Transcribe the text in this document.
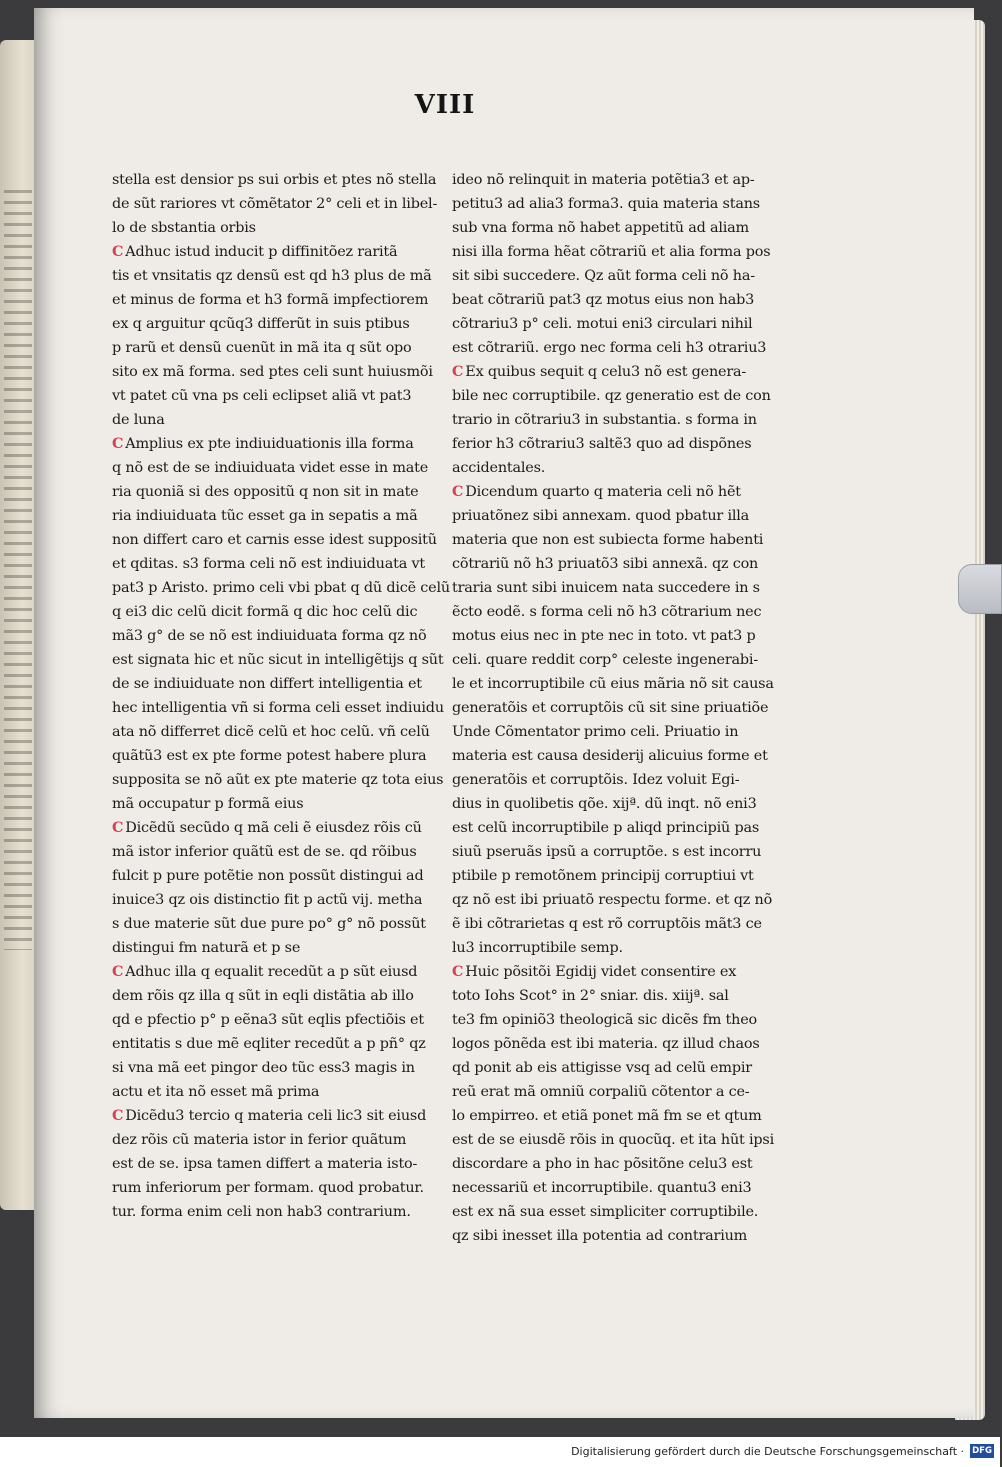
VIII
stella est densior ps sui orbis et ptes nõ stella
de sũt rariores vt cõmẽtator 2° celi et in libel-
lo de sbstantia orbis
C Adhuc istud inducit p diffinitõez raritã
tis et vnsitatis qz densũ est qd h3 plus de mã
et minus de forma et h3 formã impfectiorem
ex q arguitur qcũq3 differũt in suis ptibus
p rarũ et densũ cuenũt in mã ita q sũt opo
sito ex mã forma. sed ptes celi sunt huiusmõi
vt patet cũ vna ps celi eclipset aliã vt pat3
de luna
C Amplius ex pte indiuiduationis illa forma
q nõ est de se indiuiduata videt esse in mate
ria quoniã si des oppositũ q non sit in mate
ria indiuiduata tũc esset ga in sepatis a mã
non differt caro et carnis esse idest suppositũ
et qditas. s3 forma celi nõ est indiuiduata vt
pat3 p Aristo. primo celi vbi pbat q dũ dicẽ celũ
q ei3 dic celũ dicit formã q dic hoc celũ dic
mã3 g° de se nõ est indiuiduata forma qz nõ
est signata hic et nũc sicut in intelligẽtijs q sũt
de se indiuiduate non differt intelligentia et
hec intelligentia vñ si forma celi esset indiuidu
ata nõ differret dicẽ celũ et hoc celũ. vñ celũ
quãtũ3 est ex pte forme potest habere plura
supposita se nõ aũt ex pte materie qz tota eius
mã occupatur p formã eius
C Dicẽdũ secũdo q mã celi ẽ eiusdez rõis cũ
mã istor inferior quãtũ est de se. qd rõibus
fulcit p pure potẽtie non possũt distingui ad
inuice3 qz ois distinctio fit p actũ vij. metha
s due materie sũt due pure po° g° nõ possũt
distingui fm naturã et p se
C Adhuc illa q equalit recedũt a p sũt eiusd
dem rõis qz illa q sũt in eqli distãtia ab illo
qd e pfectio p° p eẽna3 sũt eqlis pfectiõis et
entitatis s due mẽ eqliter recedũt a p pñ° qz
si vna mã eet pingor deo tũc ess3 magis in
actu et ita nõ esset mã prima
C Dicẽdu3 tercio q materia celi lic3 sit eiusd
dez rõis cũ materia istor in ferior quãtum
est de se. ipsa tamen differt a materia isto-
rum inferiorum per formam. quod probatur.
tur. forma enim celi non hab3 contrarium.
ideo nõ relinquit in materia potẽtia3 et ap-
petitu3 ad alia3 forma3. quia materia stans
sub vna forma nõ habet appetitũ ad aliam
nisi illa forma hẽat cõtrariũ et alia forma pos
sit sibi succedere. Qz aũt forma celi nõ ha-
beat cõtrariũ pat3 qz motus eius non hab3
cõtrariu3 p° celi. motui eni3 circulari nihil
est cõtrariũ. ergo nec forma celi h3 otrariu3
C Ex quibus sequit q celu3 nõ est genera-
bile nec corruptibile. qz generatio est de con
trario in cõtrariu3 in substantia. s forma in
ferior h3 cõtrariu3 saltẽ3 quo ad dispõnes
accidentales.
C Dicendum quarto q materia celi nõ hẽt
priuatõnez sibi annexam. quod pbatur illa
materia que non est subiecta forme habenti
cõtrariũ nõ h3 priuatõ3 sibi annexã. qz con
traria sunt sibi inuicem nata succedere in s
ẽcto eodẽ. s forma celi nõ h3 cõtrarium nec
motus eius nec in pte nec in toto. vt pat3 p
celi. quare reddit corp° celeste ingenerabi-
le et incorruptibile cũ eius mãria nõ sit causa
generatõis et corruptõis cũ sit sine priuatiõe
Unde Cõmentator primo celi. Priuatio in
materia est causa desiderij alicuius forme et
generatõis et corruptõis. Idez voluit Egi-
dius in quolibetis qõe. xijª. dũ inqt. nõ eni3
est celũ incorruptibile p aliqd principiũ pas
siuũ pseruãs ipsũ a corruptõe. s est incorru
ptibile p remotõnem principij corruptiui vt
qz nõ est ibi priuatõ respectu forme. et qz nõ
ẽ ibi cõtrarietas q est rõ corruptõis mãt3 ce
lu3 incorruptibile semp.
C Huic põsitõi Egidij videt consentire ex
toto Iohs Scot° in 2° sniar. dis. xiijª. sal
te3 fm opiniõ3 theologicã sic dicẽs fm theo
logos põnẽda est ibi materia. qz illud chaos
qd ponit ab eis attigisse vsq ad celũ empir
reũ erat mã omniũ corpaliũ cõtentor a ce-
lo empirreo. et etiã ponet mã fm se et qtum
est de se eiusdẽ rõis in quocũq. et ita hũt ipsi
discordare a pho in hac põsitõne celu3 est
necessariũ et incorruptibile. quantu3 eni3
est ex nã sua esset simpliciter corruptibile.
qz sibi inesset illa potentia ad contrarium
Digitalisierung gefördert durch die Deutsche Forschungsgemeinschaft · DFG
